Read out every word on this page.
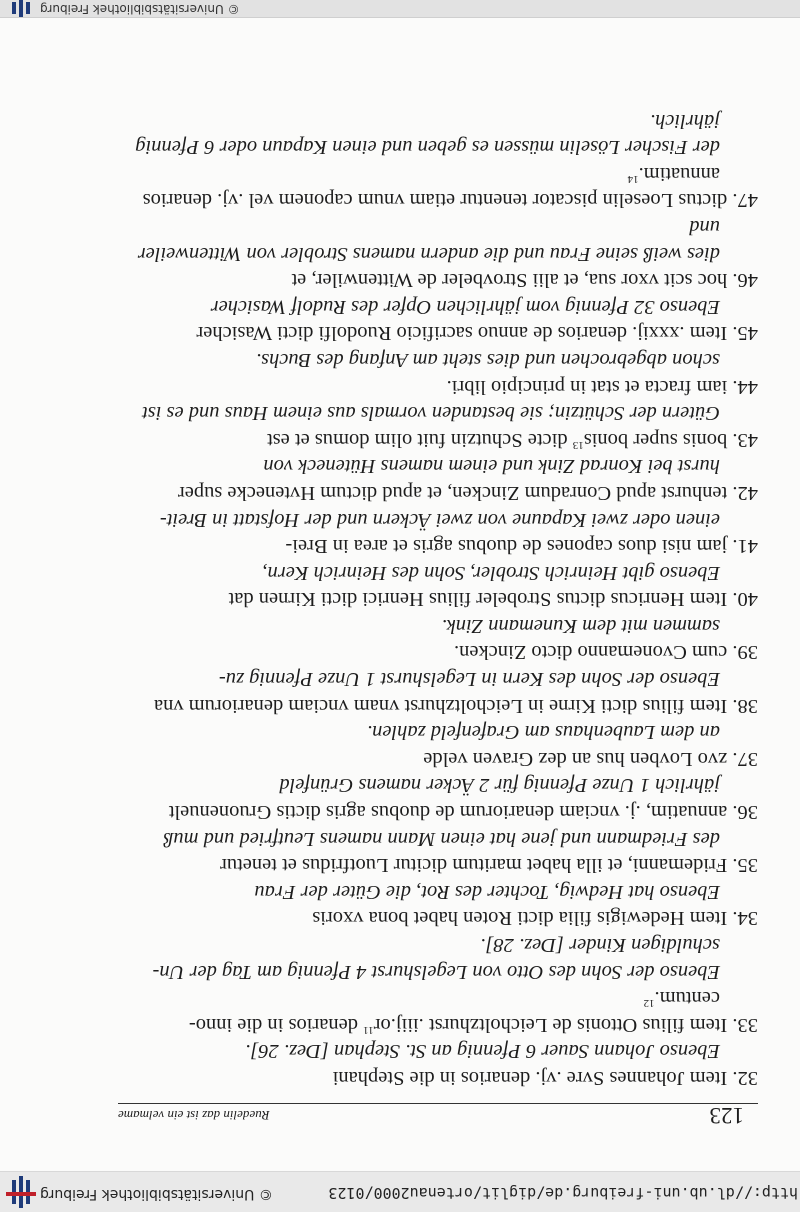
http://dl.ub.uni-freiburg.de/diglit/ortenau2000/0123
© Universitätsbibliothek Freiburg
123
Ruedelin daz ist ein velmame
32. Item Johannes Svre .vj. denarios in die Stephani
Ebenso Johann Sauer 6 Pfennig an St. Stephan [Dez. 26].
33. Item filius Ottonis de Leicholtzhurst $.iiij.or^{11}$ denarios in die inno-
centum.$^{12}$
Ebenso der Sohn des Otto von Legelshurst 4 Pfennig am Tag der Un-
schuldigen Kinder [Dez. 28].
34. Item Hedewigis filia dicti Roten habet bona vxoris
Ebenso hat Hedwig, Tochter des Rot, die Güter der Frau
35. Fridemanni, et illa habet maritum dicitur Luotfridus et tenetur
des Friedmann und jene hat einen Mann namens Leutfried und muß
36. annuatim, .j. vnciam denariorum de duobus agris dictis Gruonenuelt
jährlich 1 Unze Pfennig für 2 Äcker namens Grünfeld
37. zvo Lovben hus an dez Graven velde
an dem Laubenhaus am Grafenfeld zahlen.
38. Item filius dicti Kirne in Leicholtzhurst vnam vnciam denariorum vna
Ebenso der Sohn des Kern in Legelshurst 1 Unze Pfennig zu-
39. cum Cvonemanno dicto Zincken.
sammen mit dem Kunemann Zink.
40. Item Henricus dictus Strobeler filius Henrici dicti Kirnen dat
Ebenso gibt Heinrich Strobler, Sohn des Heinrich Kern,
41. jam nisi duos capones de duobus agris et area in Brei-
einen oder zwei Kapaune von zwei Äckern und der Hofstatt in Breit-
42. tenhurst apud Conradum Zincken, et apud dictum Hvtenecke super
hurst bei Konrad Zink und einem namens Hüteneck von
43. bonis super bonis$^{13}$ dicte Schutzin fuit olim domus et est
Gütern der Schützin; sie bestanden vormals aus einem Haus und es ist
44. iam fracta et stat in principio libri.
schon abgebrochen und dies steht am Anfang des Buchs.
45. Item .xxxij. denarios de annuo sacrificio Ruodolfi dicti Wasicher
Ebenso 32 Pfennig vom jährlichen Opfer des Rudolf Wasicher
46. hoc scit vxor sua, et alii Strovbeler de Wittenwiler, et
dies weiß seine Frau und die andern namens Strobler von Wittenweiler
und
47. dictus Loeselin piscator tenentur etiam vnum caponem vel .vj. denarios
annuatim.$^{14}$
der Fischer Löselin müssen es geben und einen Kapaun oder 6 Pfennig
jährlich.
© Universitätsbibliothek Freiburg
